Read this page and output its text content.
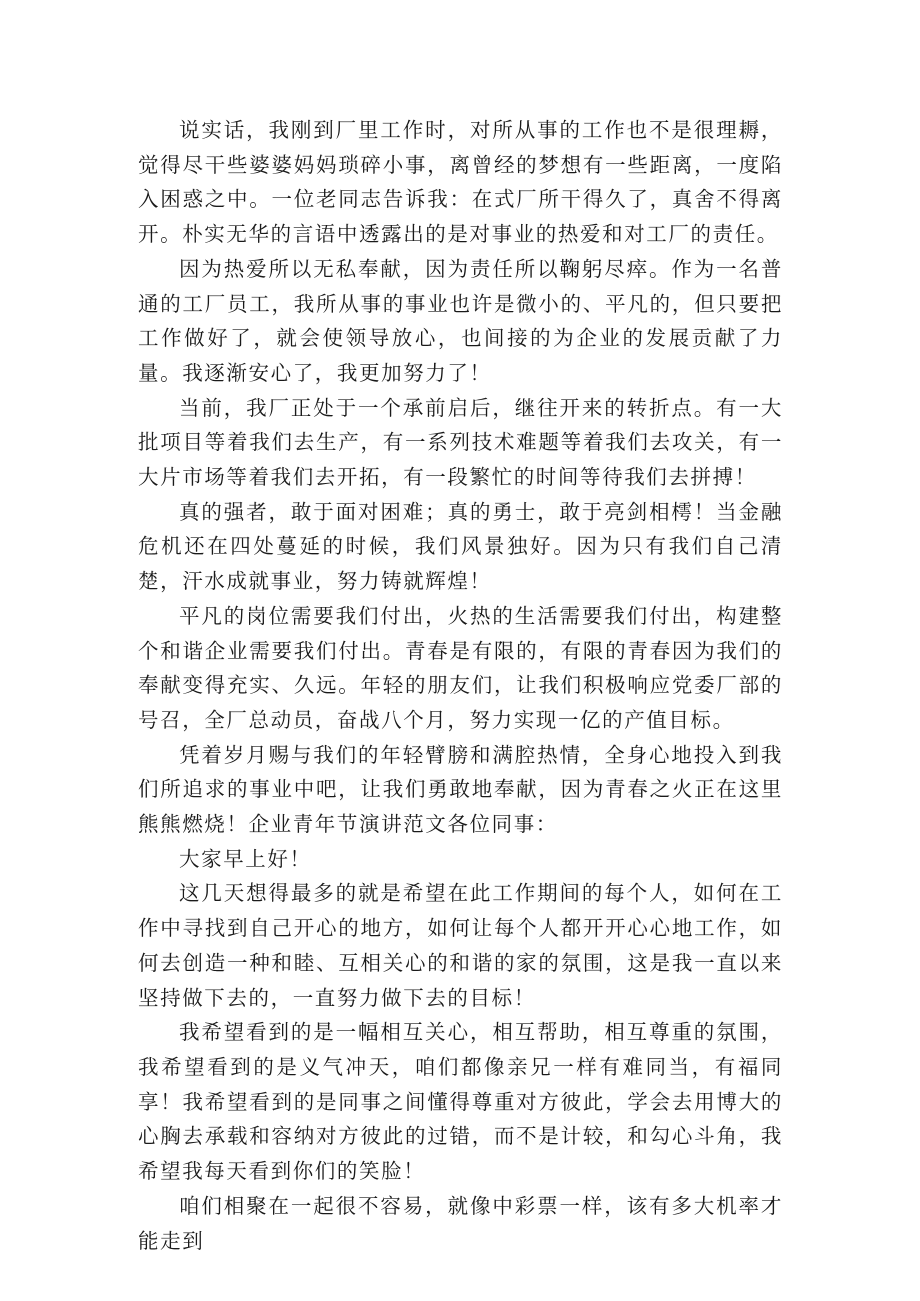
说实话，我刚到厂里工作时，对所从事的工作也不是很理耨，觉得尽干些婆婆妈妈琐碎小事，离曾经的梦想有一些距离，一度陷入困惑之中。一位老同志告诉我：在式厂所干得久了，真舍不得离开。朴实无华的言语中透露出的是对事业的热爱和对工厂的责任。

因为热爱所以无私奉献，因为责任所以鞠躬尽瘁。作为一名普通的工厂员工，我所从事的事业也许是微小的、平凡的，但只要把工作做好了，就会使领导放心，也间接的为企业的发展贡献了力量。我逐渐安心了，我更加努力了！

当前，我厂正处于一个承前启后，继往开来的转折点。有一大批项目等着我们去生产，有一系列技术难题等着我们去攻关，有一大片市场等着我们去开拓，有一段繁忙的时间等待我们去拼搏！

真的强者，敢于面对困难；真的勇士，敢于亮剑相樗！当金融危机还在四处蔓延的时候，我们风景独好。因为只有我们自己清楚，汗水成就事业，努力铸就辉煌！

平凡的岗位需要我们付出，火热的生活需要我们付出，构建整个和谐企业需要我们付出。青春是有限的，有限的青春因为我们的奉献变得充实、久远。年轻的朋友们，让我们积极响应党委厂部的号召，全厂总动员，奋战八个月，努力实现一亿的产值目标。

凭着岁月赐与我们的年轻臂膀和满腔热情，全身心地投入到我们所追求的事业中吧，让我们勇敢地奉献，因为青春之火正在这里熊熊燃烧！企业青年节演讲范文各位同事：

大家早上好！

这几天想得最多的就是希望在此工作期间的每个人，如何在工作中寻找到自己开心的地方，如何让每个人都开开心心地工作，如何去创造一种和睦、互相关心的和谐的家的氛围，这是我一直以来坚持做下去的，一直努力做下去的目标！

我希望看到的是一幅相互关心，相互帮助，相互尊重的氛围，我希望看到的是义气冲天，咱们都像亲兄一样有难同当，有福同享！我希望看到的是同事之间懂得尊重对方彼此，学会去用博大的心胸去承载和容纳对方彼此的过错，而不是计较，和勾心斗角，我希望我每天看到你们的笑脸！

咱们相聚在一起很不容易，就像中彩票一样，该有多大机率才能走到
